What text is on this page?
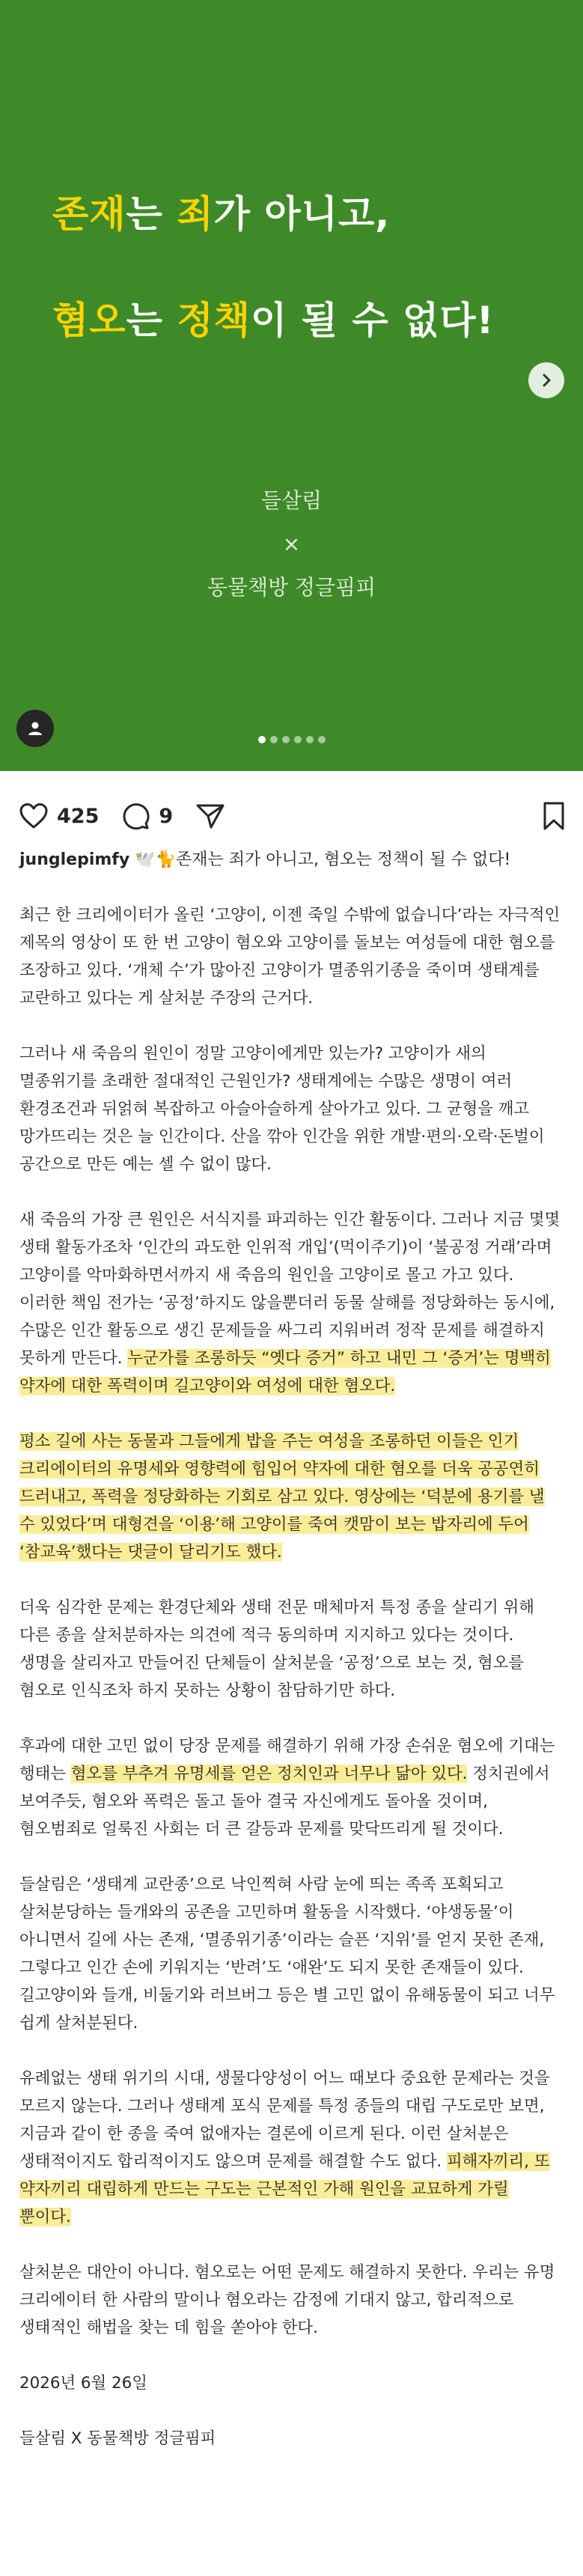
존재는 죄가 아니고,
혐오는 정책이 될 수 없다!
들살림
×
동물책방 정글핌피
425	9

junglepimfy 🕊️🐈존재는 죄가 아니고, 혐오는 정책이 될 수 없다!

최근 한 크리에이터가 올린 ‘고양이, 이젠 죽일 수밖에 없습니다’라는 자극적인 제목의 영상이 또 한 번 고양이 혐오와 고양이를 돌보는 여성들에 대한 혐오를 조장하고 있다. ‘개체 수’가 많아진 고양이가 멸종위기종을 죽이며 생태계를 교란하고 있다는 게 살처분 주장의 근거다.

그러나 새 죽음의 원인이 정말 고양이에게만 있는가? 고양이가 새의 멸종위기를 초래한 절대적인 근원인가? 생태계에는 수많은 생명이 여러 환경조건과 뒤얽혀 복잡하고 아슬아슬하게 살아가고 있다. 그 균형을 깨고 망가뜨리는 것은 늘 인간이다. 산을 깎아 인간을 위한 개발·편의·오락·돈벌이 공간으로 만든 예는 셀 수 없이 많다.

새 죽음의 가장 큰 원인은 서식지를 파괴하는 인간 활동이다. 그러나 지금 몇몇 생태 활동가조차 ‘인간의 과도한 인위적 개입’(먹이주기)이 ‘불공정 거래’라며 고양이를 악마화하면서까지 새 죽음의 원인을 고양이로 몰고 가고 있다. 이러한 책임 전가는 ‘공정’하지도 않을뿐더러 동물 살해를 정당화하는 동시에, 수많은 인간 활동으로 생긴 문제들을 싸그리 지워버려 정작 문제를 해결하지 못하게 만든다. 누군가를 조롱하듯 “옛다 증거” 하고 내민 그 ‘증거’는 명백히 약자에 대한 폭력이며 길고양이와 여성에 대한 혐오다.

평소 길에 사는 동물과 그들에게 밥을 주는 여성을 조롱하던 이들은 인기 크리에이터의 유명세와 영향력에 힘입어 약자에 대한 혐오를 더욱 공공연히 드러내고, 폭력을 정당화하는 기회로 삼고 있다. 영상에는 ‘덕분에 용기를 낼 수 있었다’며 대형견을 ‘이용’해 고양이를 죽여 캣맘이 보는 밥자리에 두어 ‘참교육’했다는 댓글이 달리기도 했다.

더욱 심각한 문제는 환경단체와 생태 전문 매체마저 특정 종을 살리기 위해 다른 종을 살처분하자는 의견에 적극 동의하며 지지하고 있다는 것이다. 생명을 살리자고 만들어진 단체들이 살처분을 ‘공정’으로 보는 것, 혐오를 혐오로 인식조차 하지 못하는 상황이 참담하기만 하다.

후과에 대한 고민 없이 당장 문제를 해결하기 위해 가장 손쉬운 혐오에 기대는 행태는 혐오를 부추겨 유명세를 얻은 정치인과 너무나 닮아 있다. 정치권에서 보여주듯, 혐오와 폭력은 돌고 돌아 결국 자신에게도 돌아올 것이며, 혐오범죄로 얼룩진 사회는 더 큰 갈등과 문제를 맞닥뜨리게 될 것이다.

들살림은 ‘생태계 교란종’으로 낙인찍혀 사람 눈에 띄는 족족 포획되고 살처분당하는 들개와의 공존을 고민하며 활동을 시작했다. ‘야생동물’이 아니면서 길에 사는 존재, ‘멸종위기종’이라는 슬픈 ‘지위’를 얻지 못한 존재, 그렇다고 인간 손에 키워지는 ‘반려’도 ‘애완’도 되지 못한 존재들이 있다. 길고양이와 들개, 비둘기와 러브버그 등은 별 고민 없이 유해동물이 되고 너무 쉽게 살처분된다.

유례없는 생태 위기의 시대, 생물다양성이 어느 때보다 중요한 문제라는 것을 모르지 않는다. 그러나 생태계 포식 문제를 특정 종들의 대립 구도로만 보면, 지금과 같이 한 종을 죽여 없애자는 결론에 이르게 된다. 이런 살처분은 생태적이지도 합리적이지도 않으며 문제를 해결할 수도 없다. 피해자끼리, 또 약자끼리 대립하게 만드는 구도는 근본적인 가해 원인을 교묘하게 가릴 뿐이다.

살처분은 대안이 아니다. 혐오로는 어떤 문제도 해결하지 못한다. 우리는 유명 크리에이터 한 사람의 말이나 혐오라는 감정에 기대지 않고, 합리적으로 생태적인 해법을 찾는 데 힘을 쏟아야 한다.

2026년 6월 26일

들살림 X 동물책방 정글핌피
